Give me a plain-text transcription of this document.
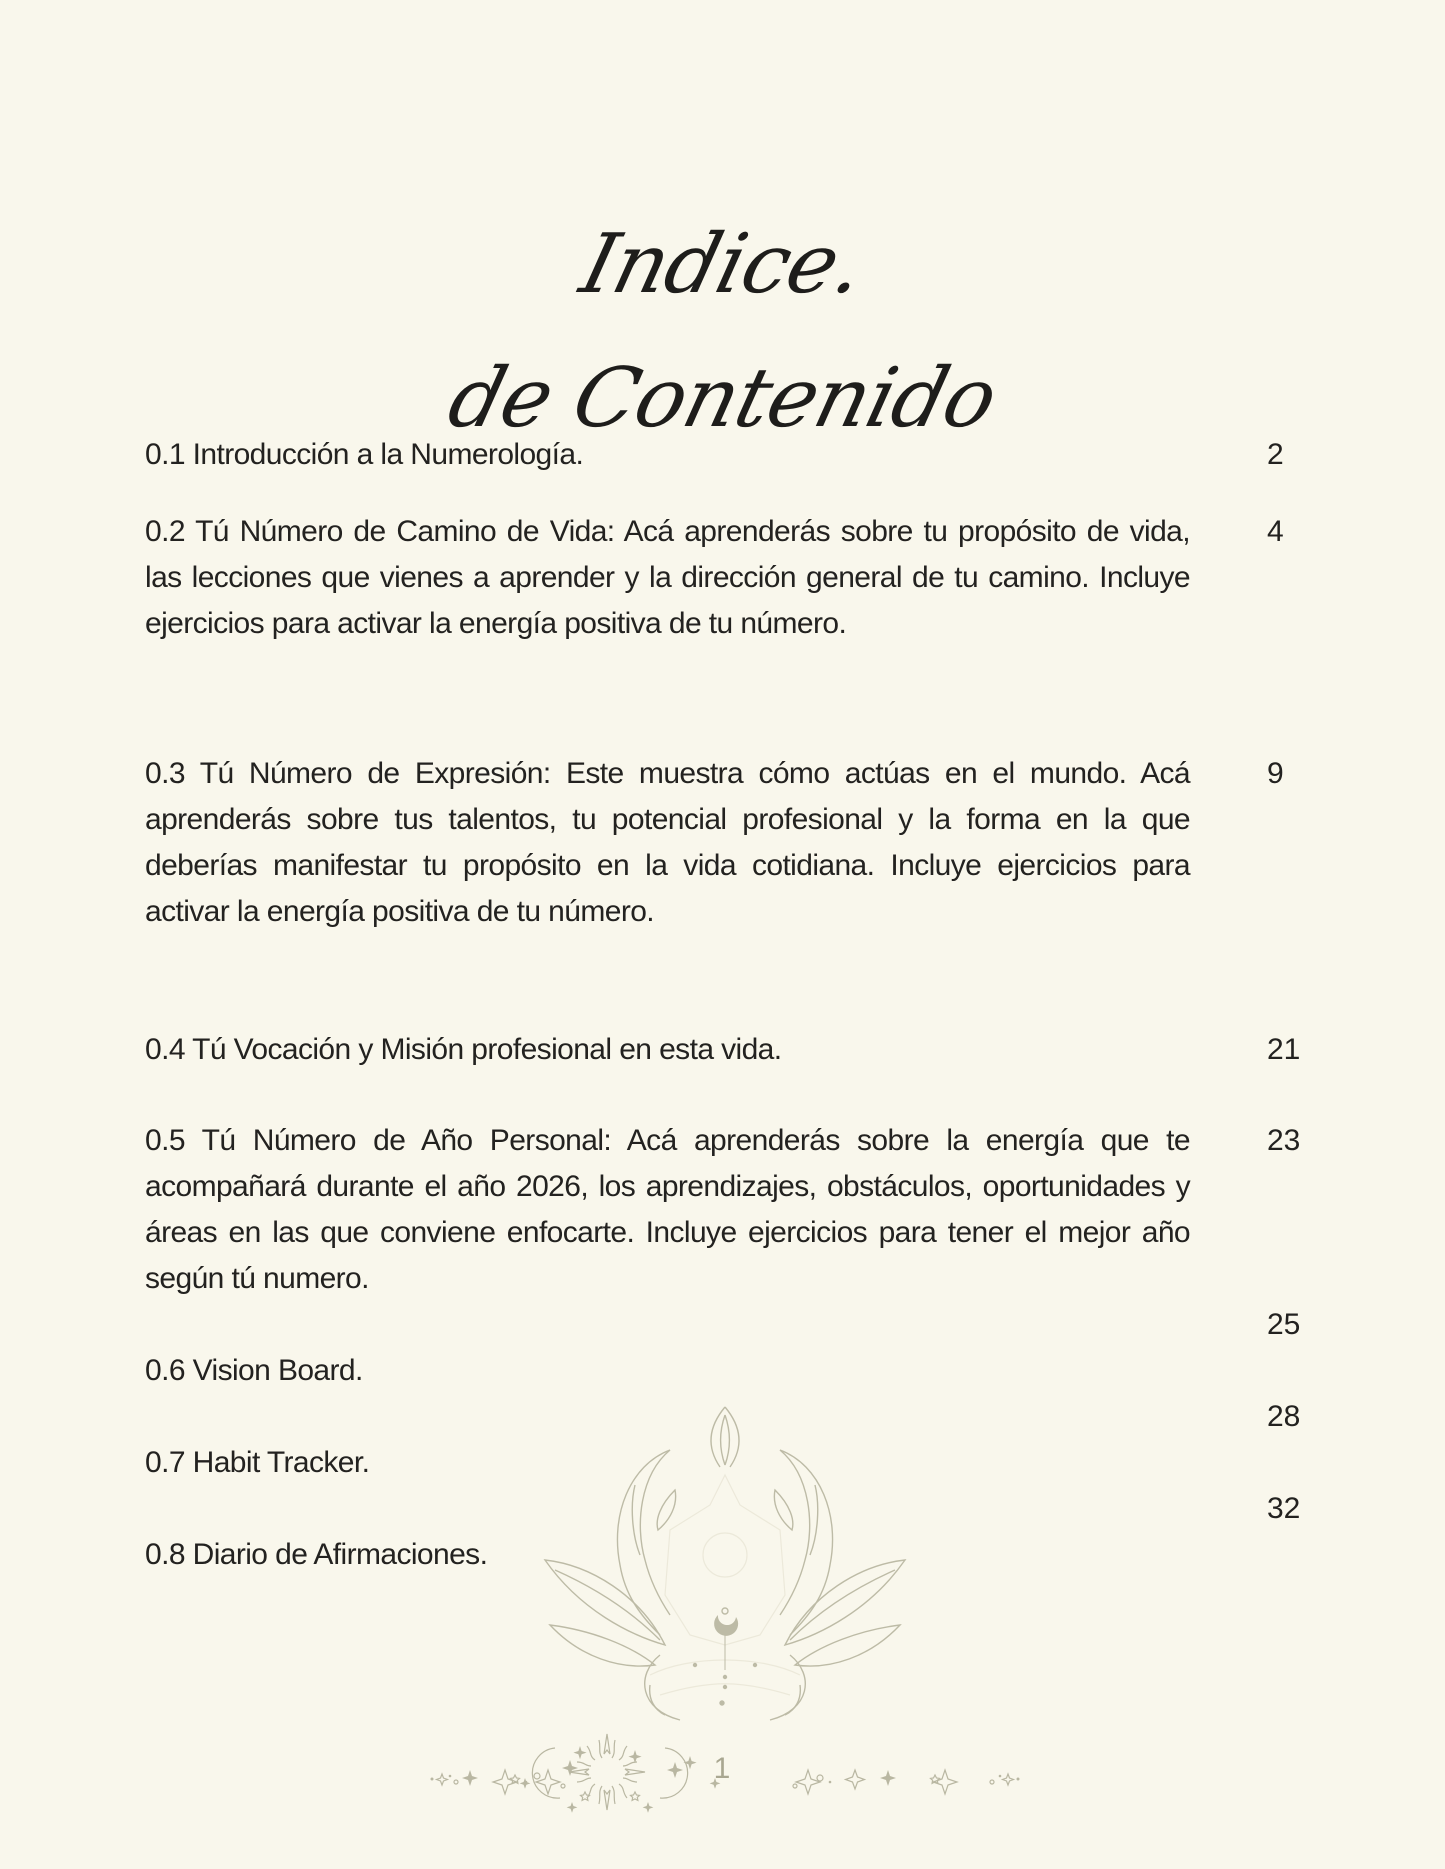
Indice.
de Contenido
0.1 Introducción a la Numerología.	2
0.2 Tú Número de Camino de Vida: Acá aprenderás sobre tu propósito de vida, las lecciones que vienes a aprender y la dirección general de tu camino. Incluye ejercicios para activar la energía positiva de tu número.
4
0.3 Tú Número de Expresión: Este muestra cómo actúas en el mundo. Acá aprenderás sobre tus talentos, tu potencial profesional y la forma en la que deberías manifestar tu propósito en la vida cotidiana. Incluye ejercicios para activar la energía positiva de tu número.
9
0.4 Tú Vocación y Misión profesional en esta vida.	21
0.5 Tú Número de Año Personal: Acá aprenderás sobre la energía que te acompañará durante el año 2026, los aprendizajes, obstáculos, oportunidades y áreas en las que conviene enfocarte. Incluye ejercicios para tener el mejor año según tú numero.
23
0.6 Vision Board.
25
0.7 Habit Tracker.
28
0.8 Diario de Afirmaciones.
32
1
